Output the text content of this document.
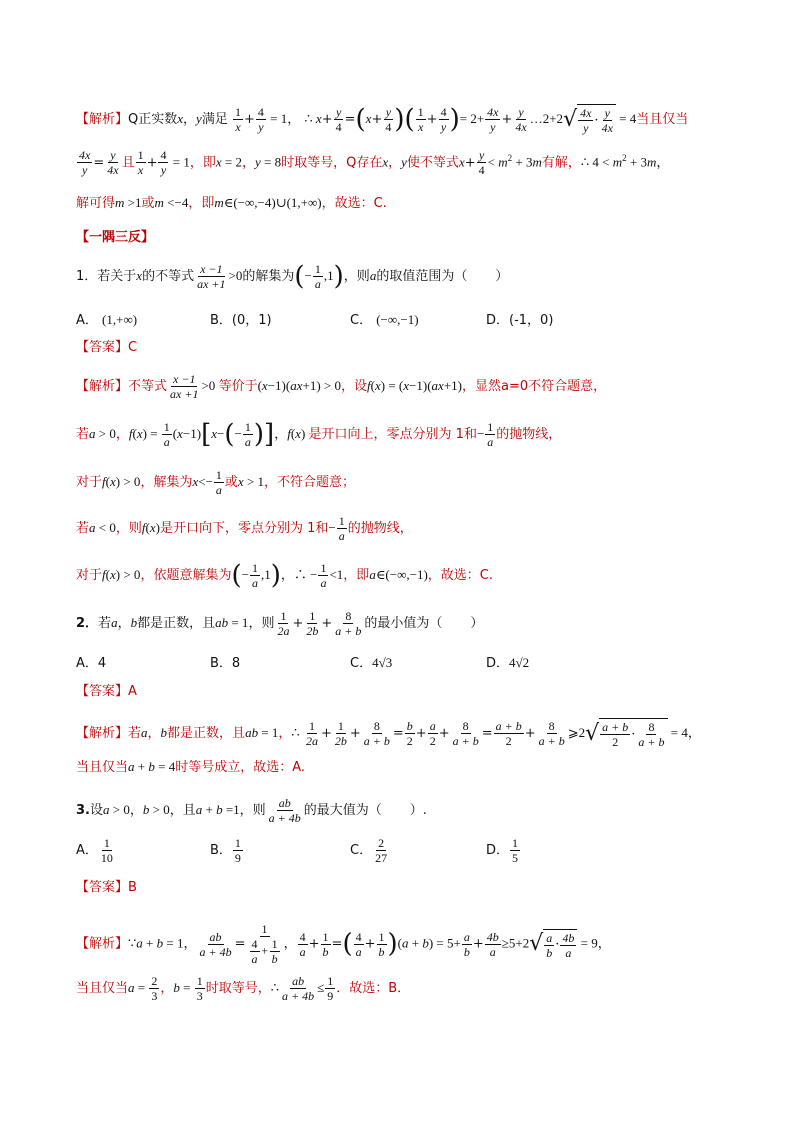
【解析】Q正实数x，y满足 $\frac{1}{x} + \frac{4}{y} = 1$， ∴ $x+ \frac{y}{4} =(x+ \frac{y}{4}$ )( $\frac{1}{x} + \frac{4}{y}$ )= $2+ \frac{4x}{y} + \frac{y}{4x}$ …2+2 √ $\frac{4x}{y} \cdot \frac{y}{4x} = 4$当且仅当
$\frac{4x}{y} = \frac{y}{4x}$ 且 $\frac{1}{x} + \frac{4}{y} = 1$，即x = 2，y = 8时取等号，Q存在x，y使不等式$x+ \frac{y}{4} < m^2 + 3m$有解，∴ $4 < m^2 + 3m$，
解可得m >1或m <−4，即m∈(−∞,−4)∪(1,+∞)，故选：C.
【一隅三反】
1．若关于x的不等式 $\frac{x -1}{ax +1} >0$的解集为(− $\frac{1}{a} ,1$)，则a的取值范围为（ ）
A． (1,+∞)	B．(0，1)	C． (−∞,−1)	D．(-1，0)
【答案】C
【解析】不等式 $\frac{x -1}{ax +1} >0$ 等价于(x−1)(ax+1) > 0，设f(x) = (x−1)(ax+1)，显然a=0不符合题意，
若a > 0，$f(x) = \frac{1}{a} (x-1)[x-(- \frac{1}{a}$ )]，f(x) 是开口向上，零点分别为 1和− $\frac{1}{a}$ 的抛物线，
对于f(x) > 0，解集为$x<- \frac{1}{a}$ 或x > 1，不符合题意；
若a < 0，则f(x)是开口向下，零点分别为 1和− $\frac{1}{a}$ 的抛物线，
对于f(x) > 0，依题意解集为(− $\frac{1}{a} ,1$)，∴ − $\frac{1}{a} <1$，即a∈(−∞,−1)，故选：C.
2．若a，b都是正数，且ab = 1，则 $\frac{1}{2a} + \frac{1}{2b} + \frac{8}{a + b}$ 的最小值为（ ）
A．4	B．8	C．4√3	D．4√2
【答案】A
【解析】若a，b都是正数，且ab = 1，∴ $\frac{1}{2a} + \frac{1}{2b} + \frac{8}{a + b} = \frac{b}{2} + \frac{a}{2} + \frac{8}{a + b} = \frac{a + b}{2} + \frac{8}{a + b}$ ⩾2 √ $\frac{a + b}{2} \cdot \frac{8}{a + b} = 4$，
当且仅当a + b = 4时等号成立，故选：A.
3.设a > 0，b > 0，且a + b =1，则 $\frac{ab}{a + 4b}$ 的最大值为（ ）.
A． $\frac{1}{10}$	B． $\frac{1}{9}$	C． $\frac{2}{27}$	D． $\frac{1}{5}$
【答案】B
【解析】∵a + b = 1， $\frac{ab}{a + 4b} = \frac{1}{\frac{4}{a} + \frac{1}{b}}$ ， $\frac{4}{a} + \frac{1}{b}$ =( $\frac{4}{a} + \frac{1}{b} )(a + b) = 5+ \frac{a}{b} + \frac{4b}{a} \ge 5+2$ √ $\frac{a}{b} \cdot \frac{4b}{a} = 9$，
当且仅当$a = \frac{2}{3}$ ，$b = \frac{1}{3}$ 时取等号，∴ $\frac{ab}{a + 4b} \le \frac{1}{9}$ ．故选：B．
